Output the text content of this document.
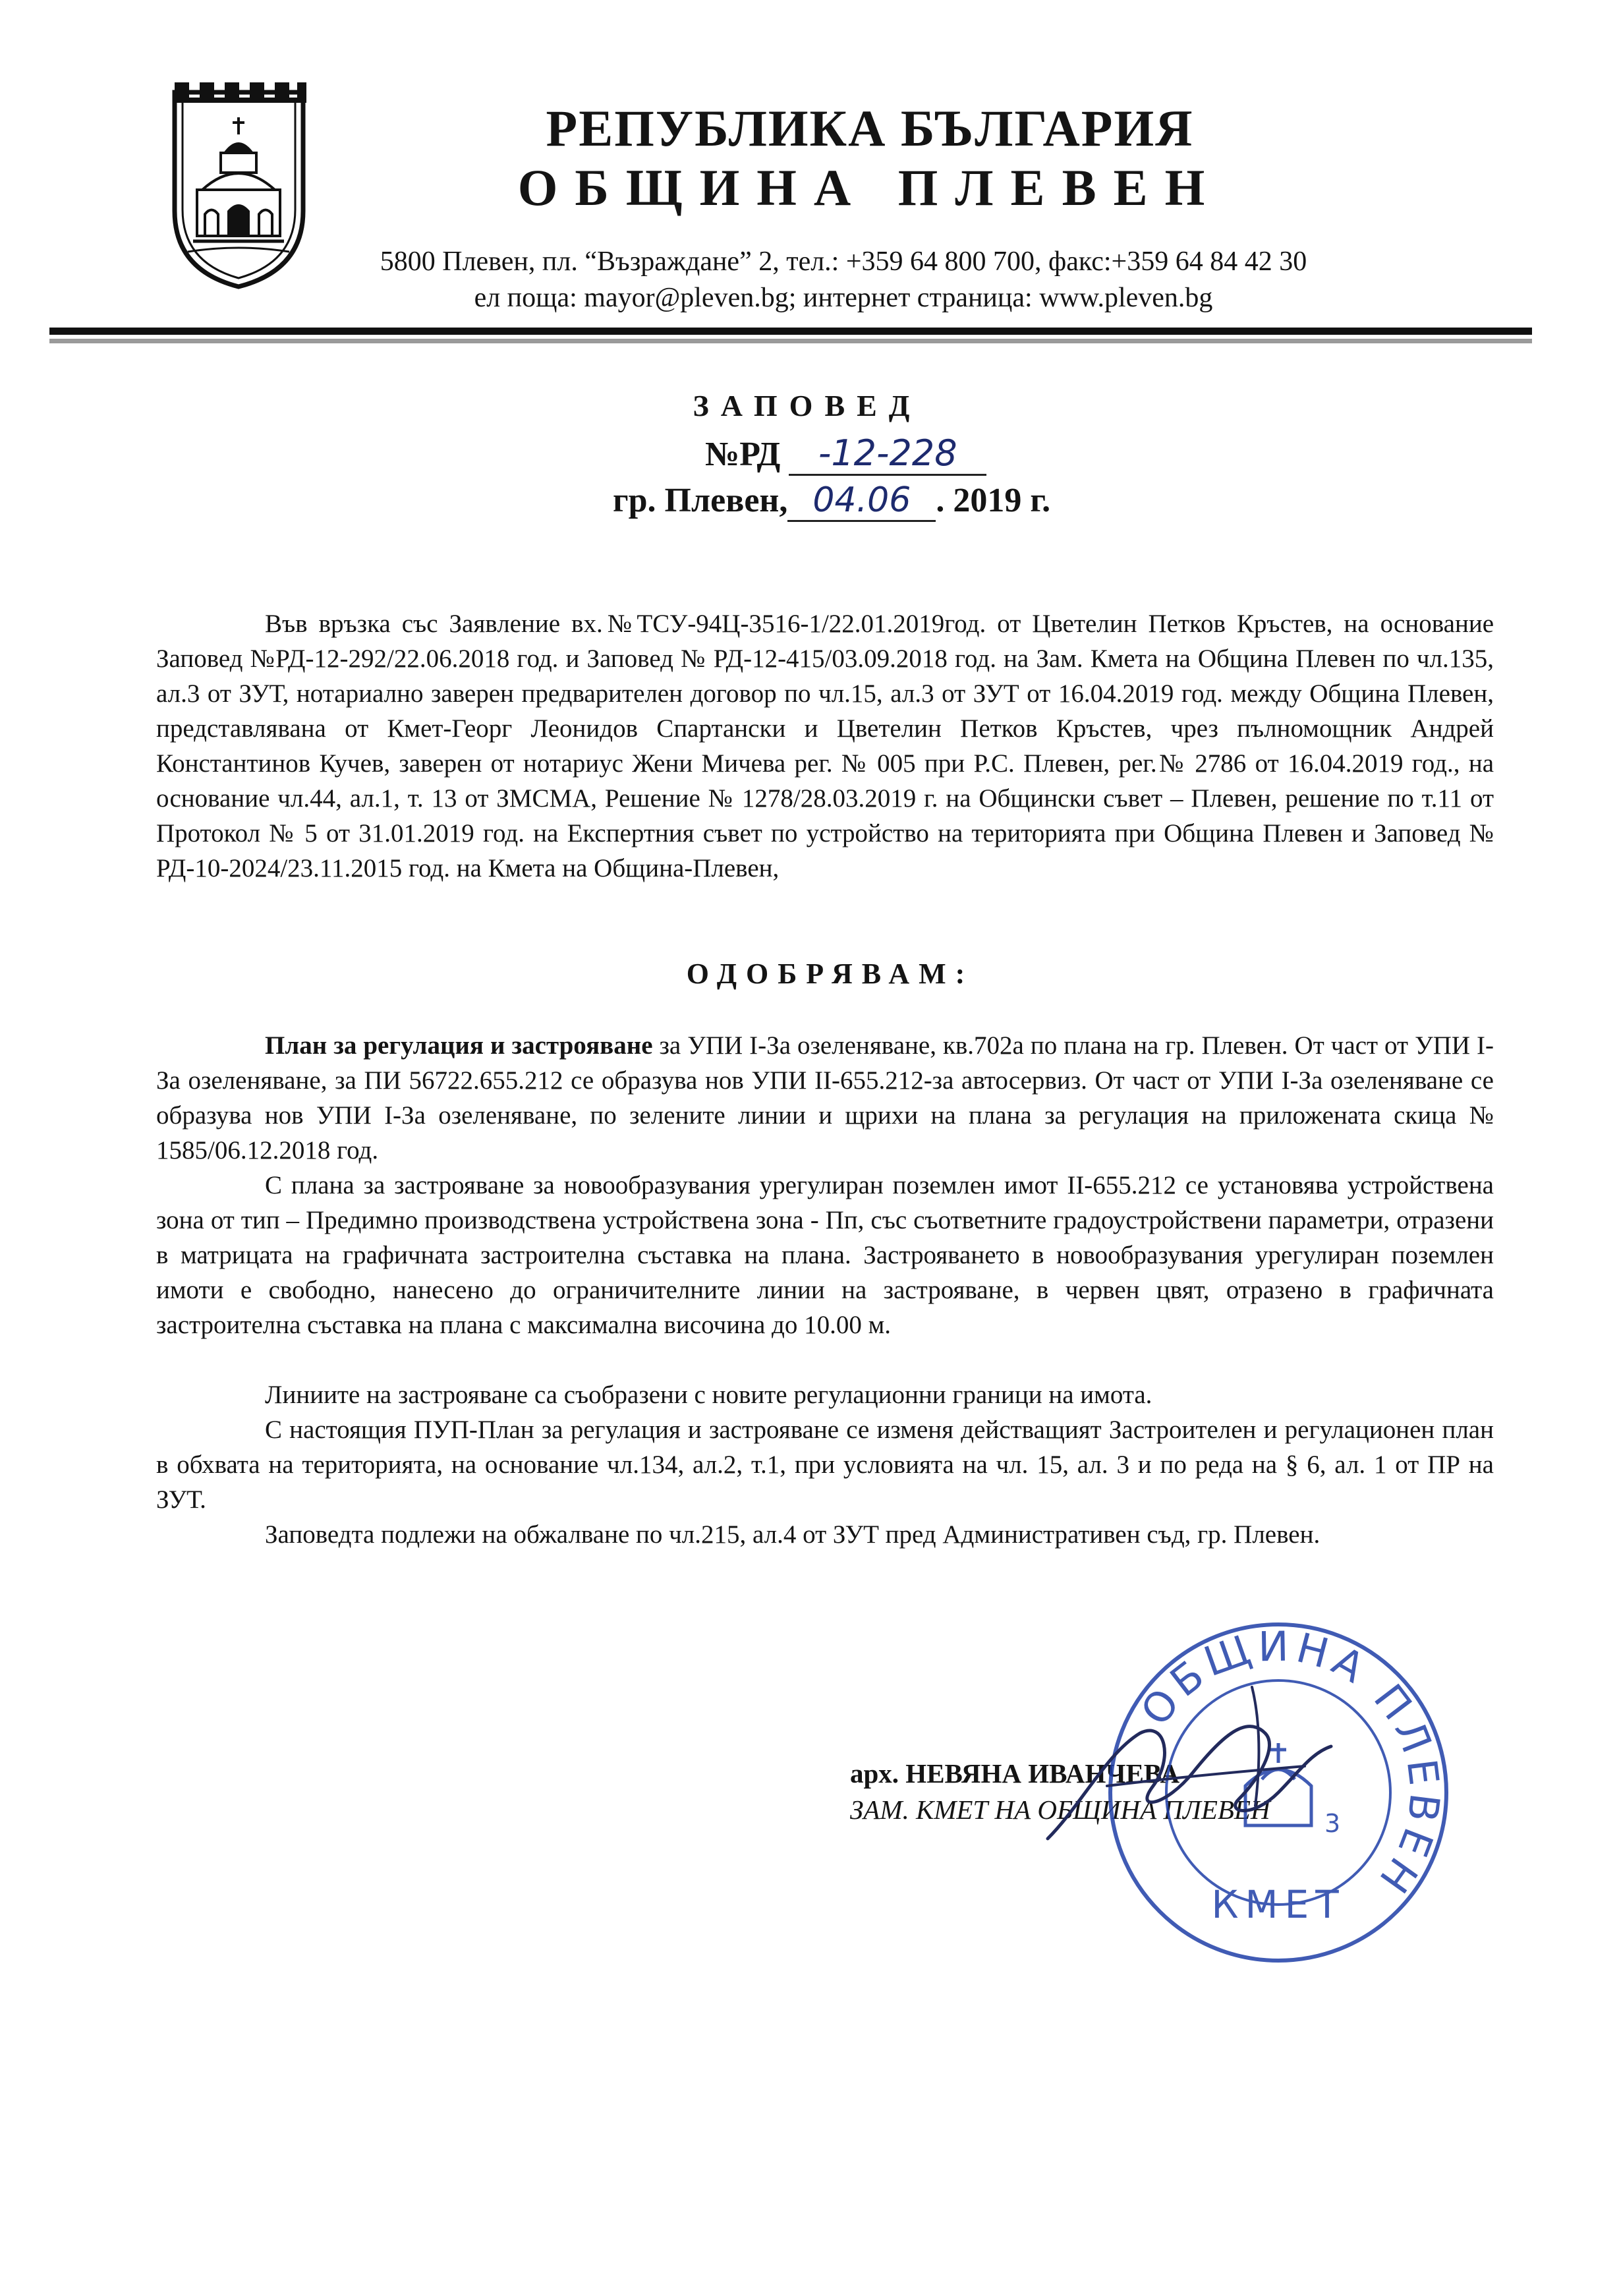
РЕПУБЛИКА БЪЛГАРИЯ
ОБЩИНА ПЛЕВЕН
5800 Плевен, пл. “Възраждане” 2, тел.: +359 64 800 700, факс:+359 64 84 42 30
ел поща: mayor@pleven.bg; интернет страница: www.pleven.bg
ЗАПОВЕД
№РД -12-228
гр. Плевен, 04.06 . 2019 г.
Във връзка със Заявление вх.№ТСУ-94Ц-3516-1/22.01.2019год. от Цветелин Петков Кръстев, на основание Заповед №РД-12-292/22.06.2018 год. и Заповед № РД-12-415/03.09.2018 год. на Зам. Кмета на Община Плевен по чл.135, ал.3 от ЗУТ, нотариално заверен предварителен договор по чл.15, ал.3 от ЗУТ от 16.04.2019 год. между Община Плевен, представлявана от Кмет-Георг Леонидов Спартански и Цветелин Петков Кръстев, чрез пълномощник Андрей Константинов Кучев, заверен от нотариус Жени Мичева рег. № 005 при Р.С. Плевен, рег.№ 2786 от 16.04.2019 год., на основание чл.44, ал.1, т. 13 от ЗМСМА, Решение № 1278/28.03.2019 г. на Общински съвет – Плевен, решение по т.11 от Протокол № 5 от 31.01.2019 год. на Експертния съвет по устройство на територията при Община Плевен и Заповед № РД-10-2024/23.11.2015 год. на Кмета на Община-Плевен,
ОДОБРЯВАМ:
План за регулация и застрояване за УПИ І-За озеленяване, кв.702а по плана на гр. Плевен. От част от УПИ І-За озеленяване, за ПИ 56722.655.212 се образува нов УПИ ІІ-655.212-за автосервиз. От част от УПИ І-За озеленяване се образува нов УПИ І-За озеленяване, по зелените линии и щрихи на плана за регулация на приложената скица № 1585/06.12.2018 год.
С плана за застрояване за новообразувания урегулиран поземлен имот ІІ-655.212 се установява устройствена зона от тип – Предимно производствена устройствена зона - Пп, със съответните градоустройствени параметри, отразени в матрицата на графичната застроителна съставка на плана. Застрояването в новообразувания урегулиран поземлен имоти е свободно, нанесено до ограничителните линии на застрояване, в червен цвят, отразено в графичната застроителна съставка на плана с максимална височина до 10.00 м.
Линиите на застрояване са съобразени с новите регулационни граници на имота.
С настоящия ПУП-План за регулация и застрояване се изменя действащият Застроителен и регулационен план в обхвата на територията, на основание чл.134, ал.2, т.1, при условията на чл. 15, ал. 3 и по реда на § 6, ал. 1 от ПР на ЗУТ.
Заповедта подлежи на обжалване по чл.215, ал.4 от ЗУТ пред Административен съд, гр. Плевен.
арх. НЕВЯНА ИВАНЧЕВА
ЗАМ. КМЕТ НА ОБЩИНА ПЛЕВЕН
ОБЩИНА ПЛЕВЕН
КМЕТ
3
